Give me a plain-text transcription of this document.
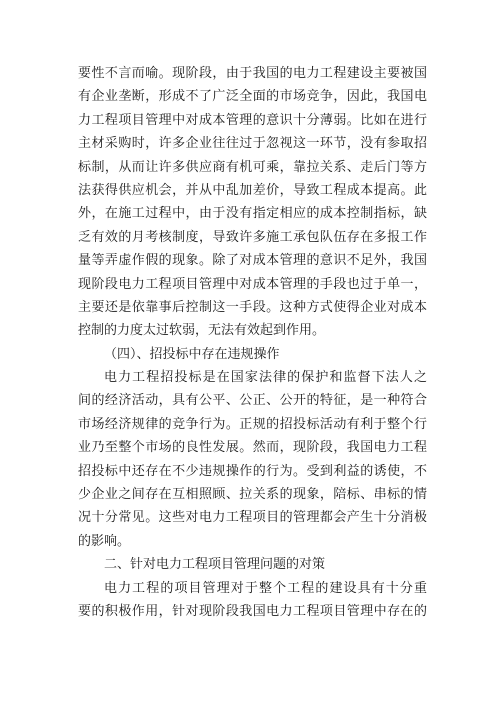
要性不言而喻。现阶段，由于我国的电力工程建设主要被国
有企业垄断，形成不了广泛全面的市场竞争，因此，我国电
力工程项目管理中对成本管理的意识十分薄弱。比如在进行
主材采购时，许多企业往往过于忽视这一环节，没有参取招
标制，从而让许多供应商有机可乘，靠拉关系、走后门等方
法获得供应机会，并从中乱加差价，导致工程成本提高。此
外，在施工过程中，由于没有指定相应的成本控制指标，缺
乏有效的月考核制度，导致许多施工承包队伍存在多报工作
量等弄虚作假的现象。除了对成本管理的意识不足外，我国
现阶段电力工程项目管理中对成本管理的手段也过于单一，
主要还是依靠事后控制这一手段。这种方式使得企业对成本
控制的力度太过软弱，无法有效起到作用。
（四）、招投标中存在违规操作
电力工程招投标是在国家法律的保护和监督下法人之
间的经济活动，具有公平、公正、公开的特征，是一种符合
市场经济规律的竞争行为。正规的招投标活动有利于整个行
业乃至整个市场的良性发展。然而，现阶段，我国电力工程
招投标中还存在不少违规操作的行为。受到利益的诱使，不
少企业之间存在互相照顾、拉关系的现象，陪标、串标的情
况十分常见。这些对电力工程项目的管理都会产生十分消极
的影响。
二、针对电力工程项目管理问题的对策
电力工程的项目管理对于整个工程的建设具有十分重
要的积极作用，针对现阶段我国电力工程项目管理中存在的
